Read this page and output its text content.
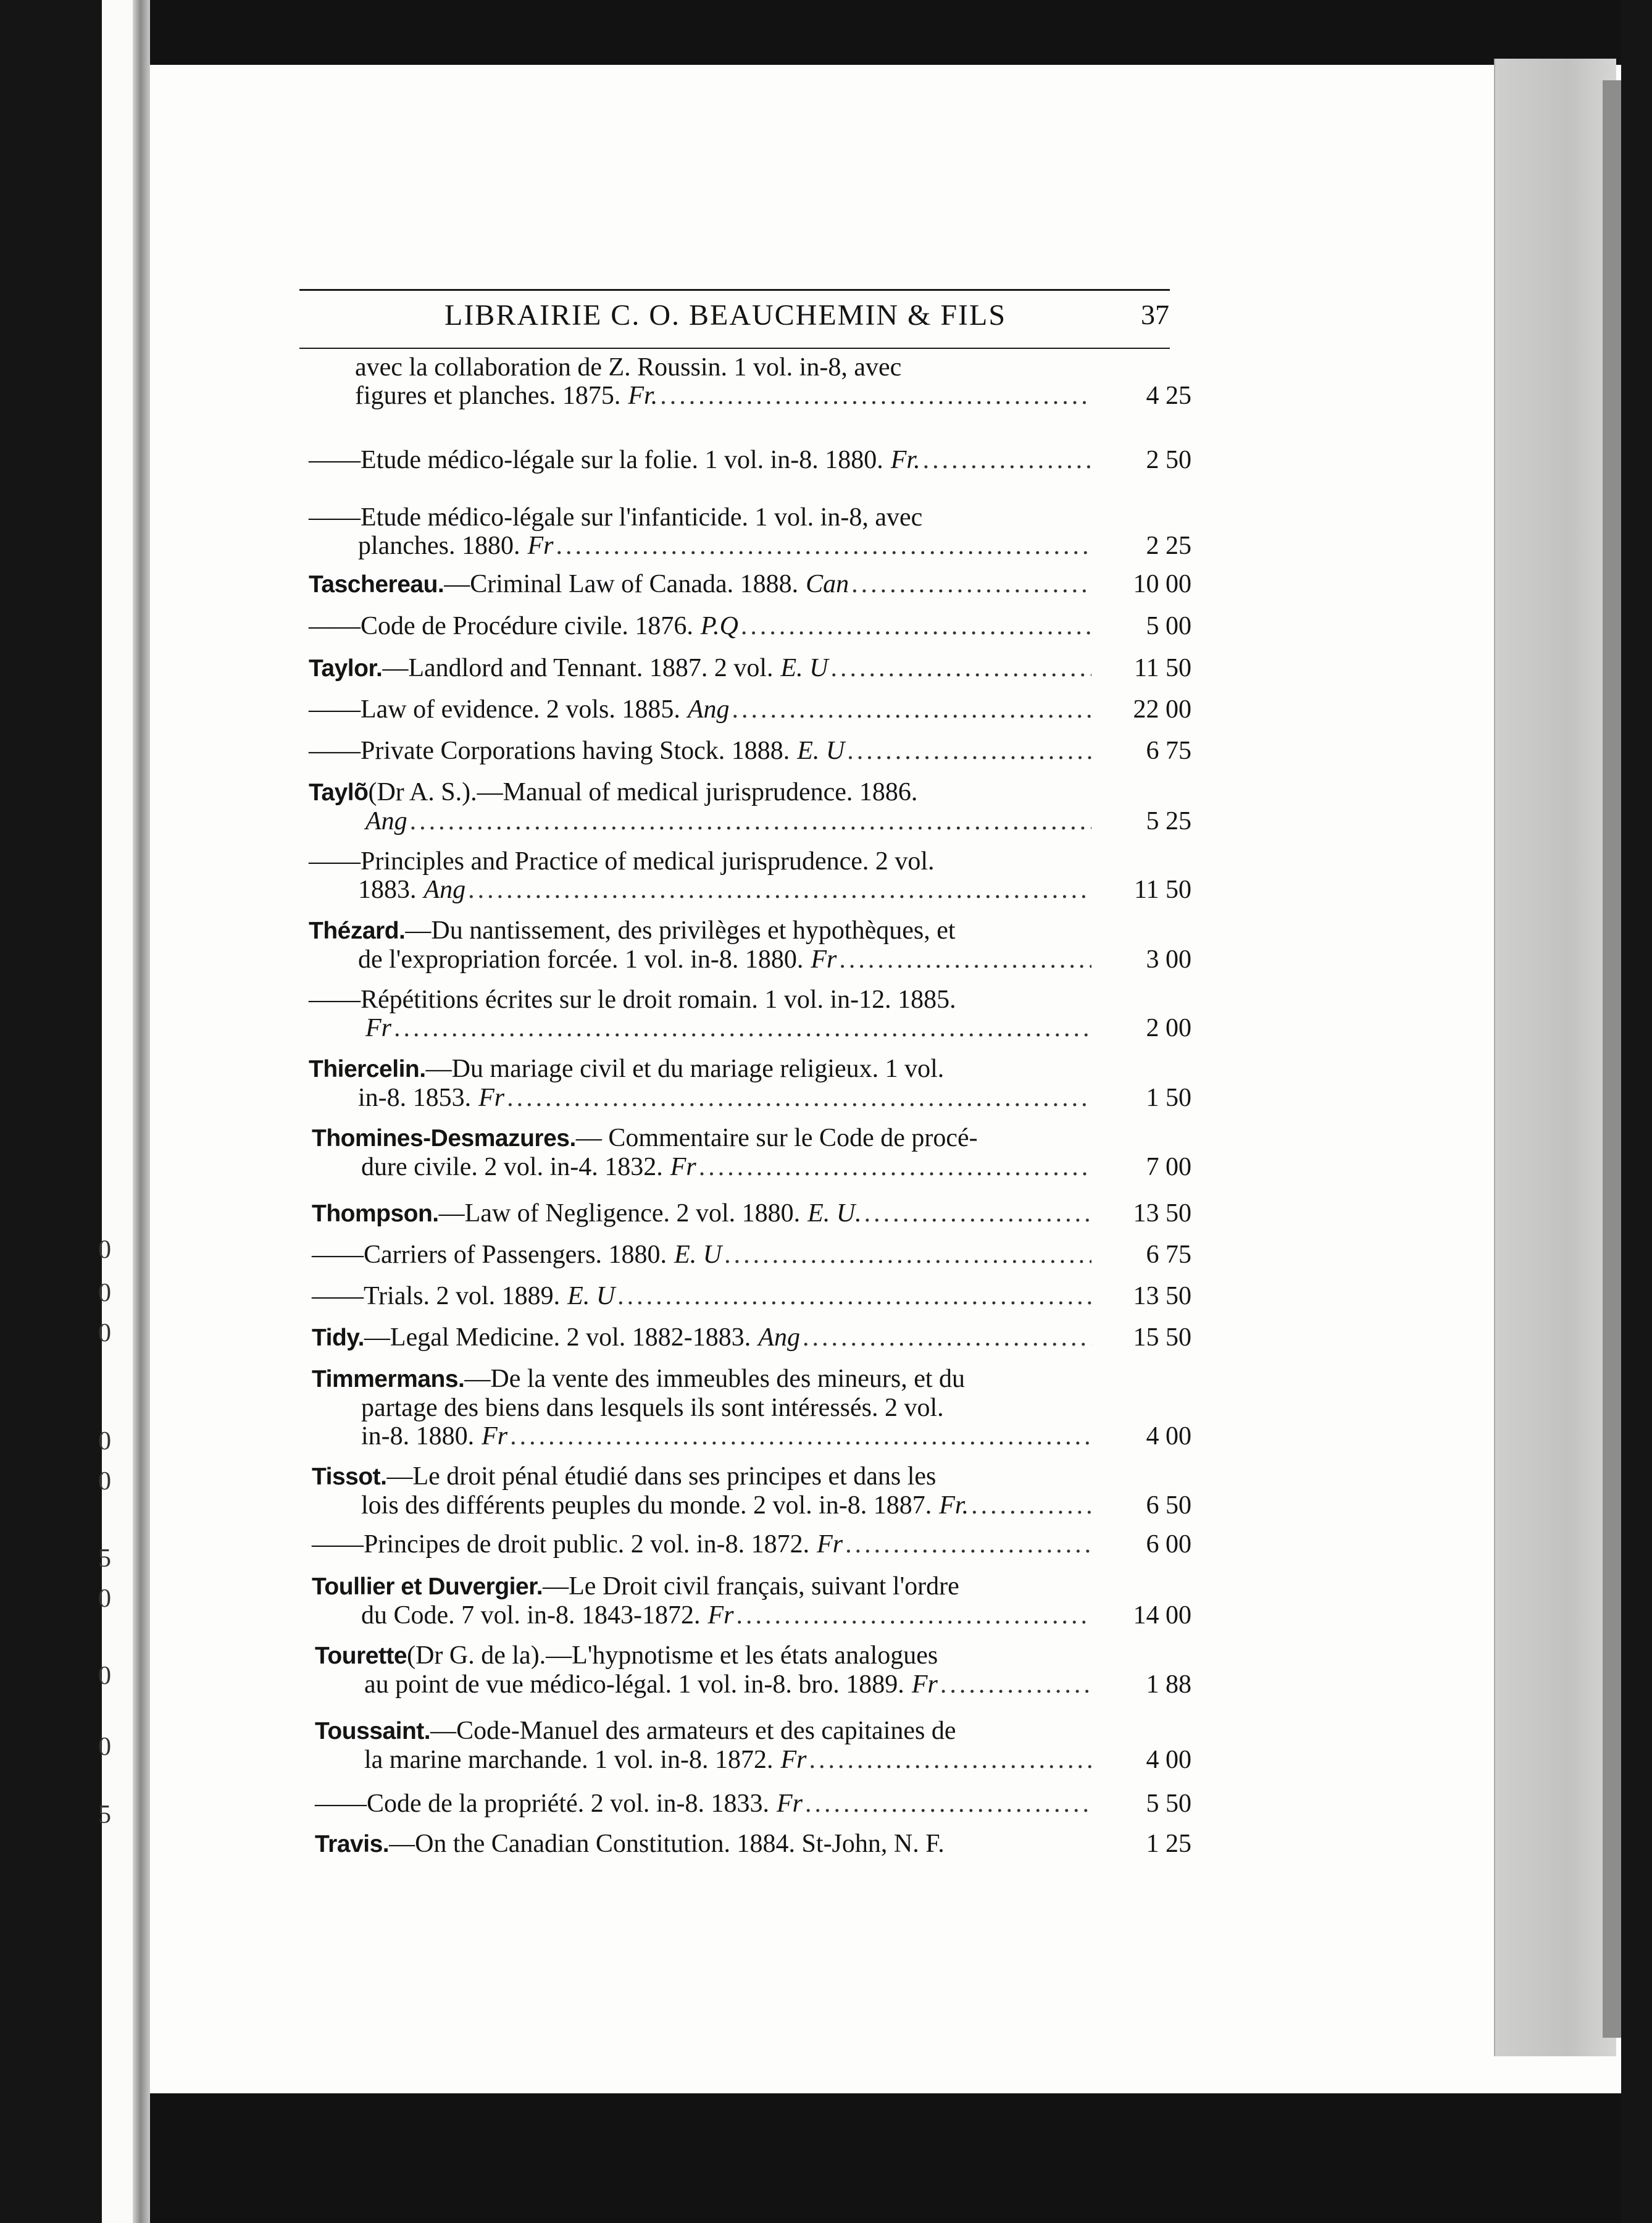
0
0
0
0
0
5
0
0
0
5
LIBRAIRIE C. O. BEAUCHEMIN & FILS	37
avec la collaboration de Z. Roussin. 1 vol. in-8, avec
figures et planches. 1875. Fr. .....	4 25
—— Etude médico-légale sur la folie. 1 vol. in-8. 1880. Fr. .....	2 50
—— Etude médico-légale sur l'infanticide. 1 vol. in-8, avec
planches. 1880. Fr .....	2 25
Taschereau. —Criminal Law of Canada. 1888. Can .....	10 00
—— Code de Procédure civile. 1876. P.Q .....	5 00
Taylor. —Landlord and Tennant. 1887. 2 vol. E. U .....	11 50
—— Law of evidence. 2 vols. 1885. Ang .....	22 00
—— Private Corporations having Stock. 1888. E. U .....	6 75
Taylõ (Dr A. S.).—Manual of medical jurisprudence. 1886.
Ang .....	5 25
—— Principles and Practice of medical jurisprudence. 2 vol.
1883. Ang .....	11 50
Thézard. —Du nantissement, des privilèges et hypothèques, et
de l'expropriation forcée. 1 vol. in-8. 1880. Fr .....	3 00
—— Répétitions écrites sur le droit romain. 1 vol. in-12. 1885.
Fr .....	2 00
Thiercelin. —Du mariage civil et du mariage religieux. 1 vol.
in-8. 1853. Fr .....	1 50
Thomines-Desmazures. — Commentaire sur le Code de procé-
dure civile. 2 vol. in-4. 1832. Fr .....	7 00
Thompson. —Law of Negligence. 2 vol. 1880. E. U. .....	13 50
—— Carriers of Passengers. 1880. E. U .....	6 75
—— Trials. 2 vol. 1889. E. U .....	13 50
Tidy. —Legal Medicine. 2 vol. 1882-1883. Ang .....	15 50
Timmermans. —De la vente des immeubles des mineurs, et du
partage des biens dans lesquels ils sont intéressés. 2 vol.
in-8. 1880. Fr .....	4 00
Tissot. —Le droit pénal étudié dans ses principes et dans les
lois des différents peuples du monde. 2 vol. in-8. 1887. Fr. .....	6 50
—— Principes de droit public. 2 vol. in-8. 1872. Fr .....	6 00
Toullier et Duvergier. —Le Droit civil français, suivant l'ordre
du Code. 7 vol. in-8. 1843-1872. Fr .....	14 00
Tourette (Dr G. de la).—L'hypnotisme et les états analogues
au point de vue médico-légal. 1 vol. in-8. bro. 1889. Fr .....	1 88
Toussaint. —Code-Manuel des armateurs et des capitaines de
la marine marchande. 1 vol. in-8. 1872. Fr .....	4 00
—— Code de la propriété. 2 vol. in-8. 1833. Fr .....	5 50
Travis. —On the Canadian Constitution. 1884. St-John, N. F.	1 25
